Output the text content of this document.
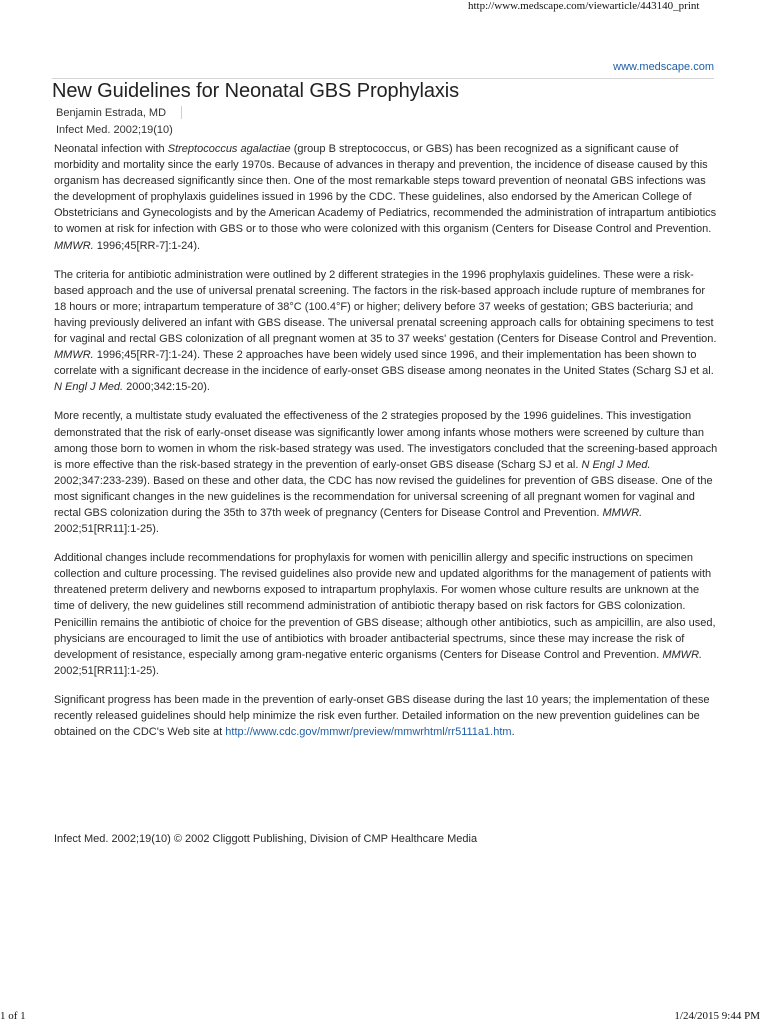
http://www.medscape.com/viewarticle/443140_print
www.medscape.com
New Guidelines for Neonatal GBS Prophylaxis
Benjamin Estrada, MD
Infect Med. 2002;19(10)

Neonatal infection with Streptococcus agalactiae (group B streptococcus, or GBS) has been recognized as a significant cause of morbidity and mortality since the early 1970s. Because of advances in therapy and prevention, the incidence of disease caused by this organism has decreased significantly since then. One of the most remarkable steps toward prevention of neonatal GBS infections was the development of prophylaxis guidelines issued in 1996 by the CDC. These guidelines, also endorsed by the American College of Obstetricians and Gynecologists and by the American Academy of Pediatrics, recommended the administration of intrapartum antibiotics to women at risk for infection with GBS or to those who were colonized with this organism (Centers for Disease Control and Prevention. MMWR. 1996;45[RR-7]:1-24).

The criteria for antibiotic administration were outlined by 2 different strategies in the 1996 prophylaxis guidelines. These were a risk-based approach and the use of universal prenatal screening. The factors in the risk-based approach include rupture of membranes for 18 hours or more; intrapartum temperature of 38°C (100.4°F) or higher; delivery before 37 weeks of gestation; GBS bacteriuria; and having previously delivered an infant with GBS disease. The universal prenatal screening approach calls for obtaining specimens to test for vaginal and rectal GBS colonization of all pregnant women at 35 to 37 weeks' gestation (Centers for Disease Control and Prevention. MMWR. 1996;45[RR-7]:1-24). These 2 approaches have been widely used since 1996, and their implementation has been shown to correlate with a significant decrease in the incidence of early-onset GBS disease among neonates in the United States (Scharg SJ et al. N Engl J Med. 2000;342:15-20).

More recently, a multistate study evaluated the effectiveness of the 2 strategies proposed by the 1996 guidelines. This investigation demonstrated that the risk of early-onset disease was significantly lower among infants whose mothers were screened by culture than among those born to women in whom the risk-based strategy was used. The investigators concluded that the screening-based approach is more effective than the risk-based strategy in the prevention of early-onset GBS disease (Scharg SJ et al. N Engl J Med. 2002;347:233-239). Based on these and other data, the CDC has now revised the guidelines for prevention of GBS disease. One of the most significant changes in the new guidelines is the recommendation for universal screening of all pregnant women for vaginal and rectal GBS colonization during the 35th to 37th week of pregnancy (Centers for Disease Control and Prevention. MMWR. 2002;51[RR11]:1-25).

Additional changes include recommendations for prophylaxis for women with penicillin allergy and specific instructions on specimen collection and culture processing. The revised guidelines also provide new and updated algorithms for the management of patients with threatened preterm delivery and newborns exposed to intrapartum prophylaxis. For women whose culture results are unknown at the time of delivery, the new guidelines still recommend administration of antibiotic therapy based on risk factors for GBS colonization. Penicillin remains the antibiotic of choice for the prevention of GBS disease; although other antibiotics, such as ampicillin, are also used, physicians are encouraged to limit the use of antibiotics with broader antibacterial spectrums, since these may increase the risk of development of resistance, especially among gram-negative enteric organisms (Centers for Disease Control and Prevention. MMWR. 2002;51[RR11]:1-25).

Significant progress has been made in the prevention of early-onset GBS disease during the last 10 years; the implementation of these recently released guidelines should help minimize the risk even further. Detailed information on the new prevention guidelines can be obtained on the CDC's Web site at http://www.cdc.gov/mmwr/preview/mmwrhtml/rr5111a1.htm.

Infect Med. 2002;19(10) © 2002 Cliggott Publishing, Division of CMP Healthcare Media
1 of 1	1/24/2015 9:44 PM
